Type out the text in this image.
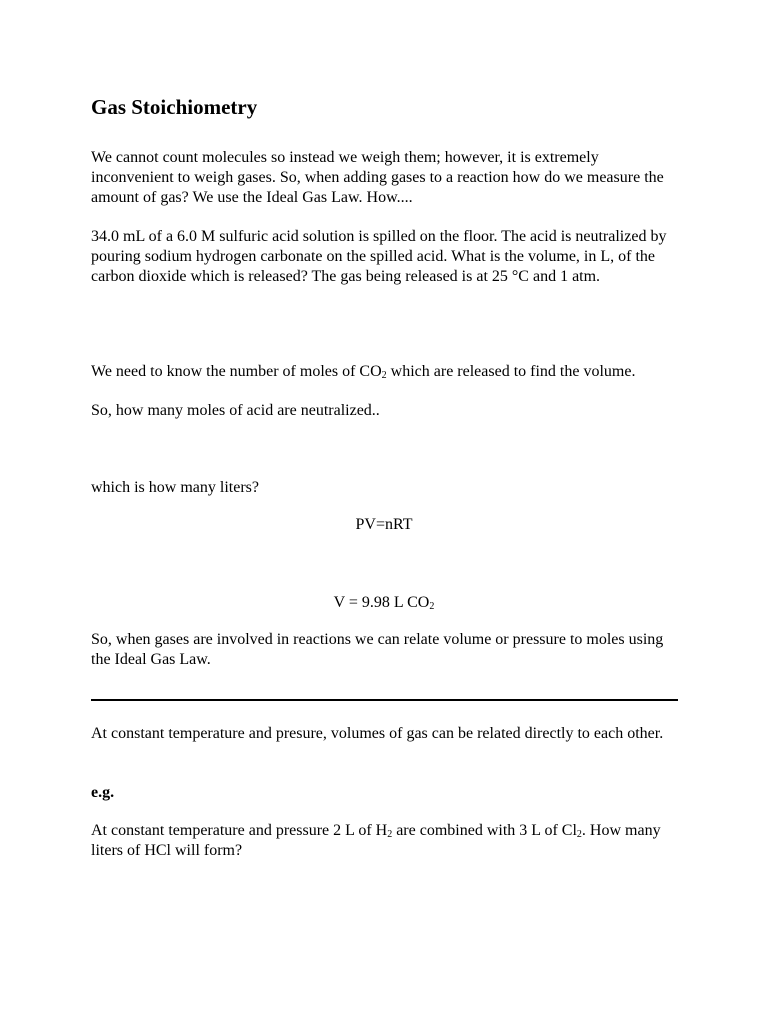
Gas Stoichiometry

We cannot count molecules so instead we weigh them; however, it is extremely inconvenient to weigh gases. So, when adding gases to a reaction how do we measure the amount of gas? We use the Ideal Gas Law. How....

34.0 mL of a 6.0 M sulfuric acid solution is spilled on the floor. The acid is neutralized by pouring sodium hydrogen carbonate on the spilled acid. What is the volume, in L, of the carbon dioxide which is released? The gas being released is at 25 °C and 1 atm.

We need to know the number of moles of $CO_2$ which are released to find the volume.

So, how many moles of acid are neutralized..

which is how many liters?

PV=nRT

V = 9.98 L $CO_2$

So, when gases are involved in reactions we can relate volume or pressure to moles using the Ideal Gas Law.

At constant temperature and presure, volumes of gas can be related directly to each other.

e.g.

At constant temperature and pressure 2 L of $H_2$ are combined with 3 L of $Cl_2$. How many liters of HCl will form?
